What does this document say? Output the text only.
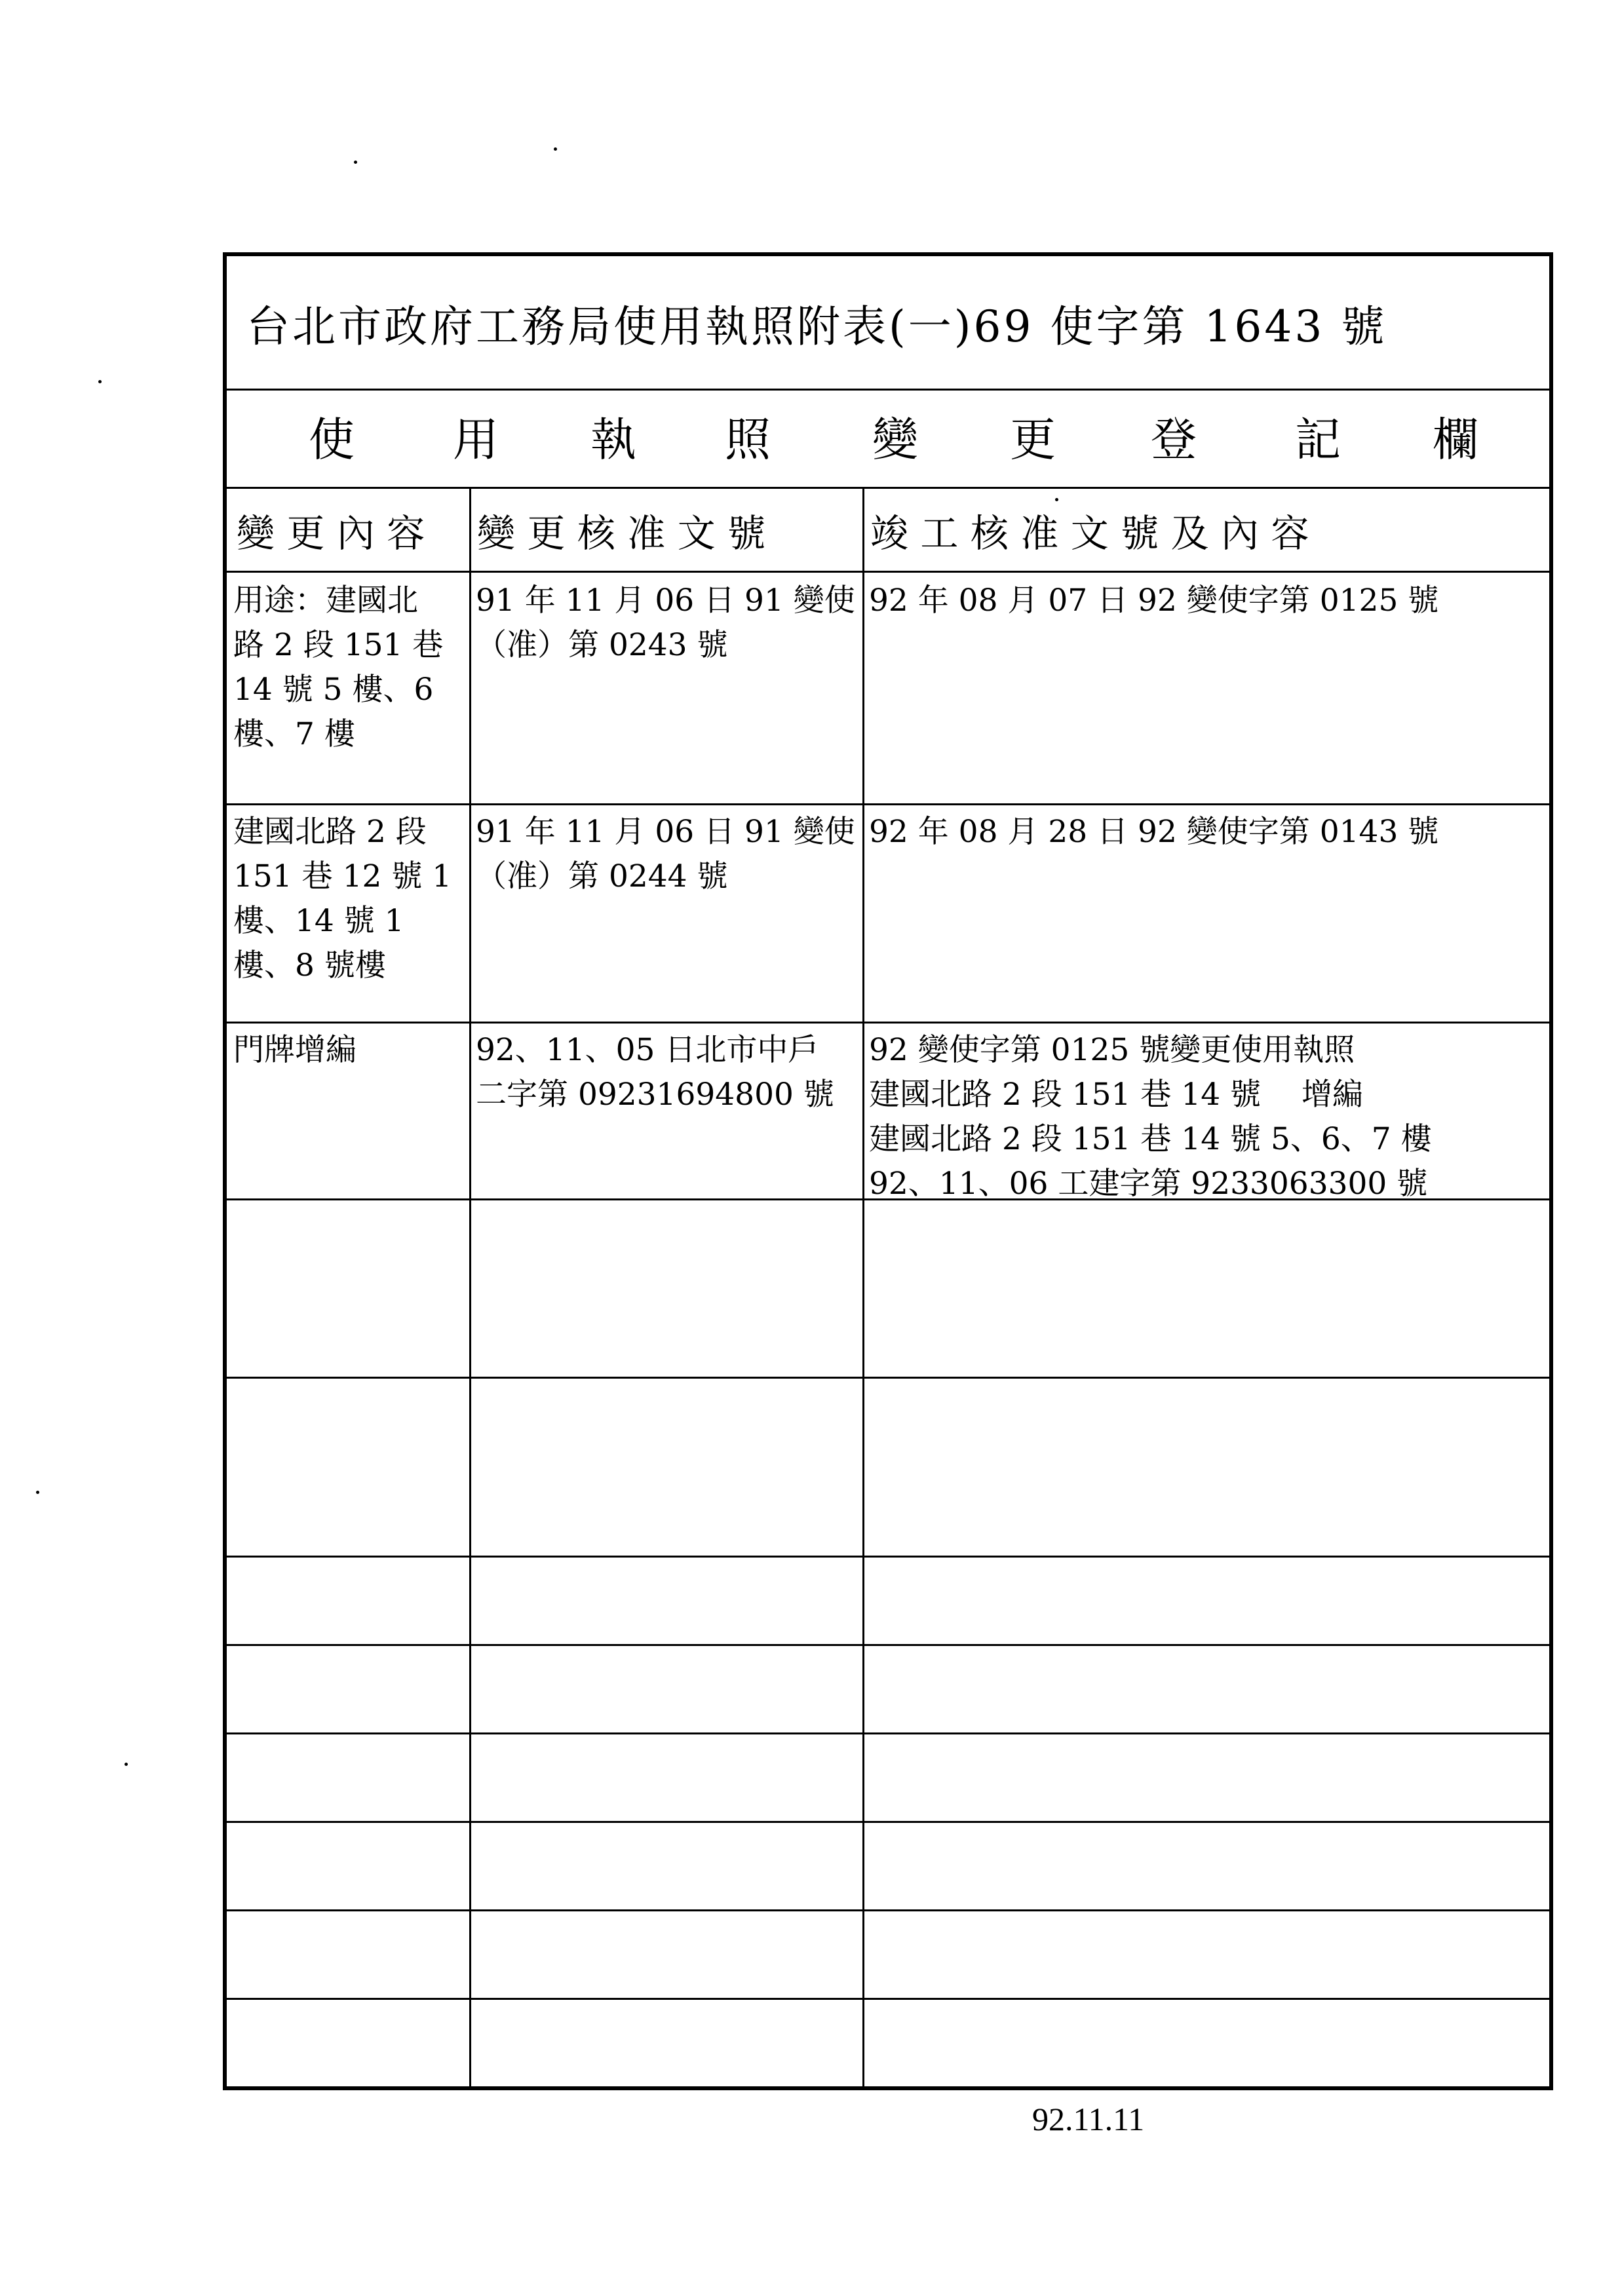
台北市政府工務局使用執照附表(一)69 使字第 1643 號
使 用 執 照 變 更 登 記 欄
變 更 內 容 變 更 核 准 文 號	竣 工 核 准 文 號 及 內 容
用途：建國北
路 2 段 151 巷
14 號 5 樓、6
樓、7 樓
91 年 11 月 06 日 91 變使
（准）第 0243 號
92 年 08 月 07 日 92 變使字第 0125 號
建國北路 2 段
151 巷 12 號 1
樓、14 號 1
樓、8 號樓
91 年 11 月 06 日 91 變使
（准）第 0244 號
92 年 08 月 28 日 92 變使字第 0143 號
門牌增編	92、11、05 日北市中戶
二字第 09231694800 號
92 變使字第 0125 號變更使用執照
建國北路 2 段 151 巷 14 號　 增編
建國北路 2 段 151 巷 14 號 5、6、7 樓
92、11、06 工建字第 9233063300 號
92.11.11
